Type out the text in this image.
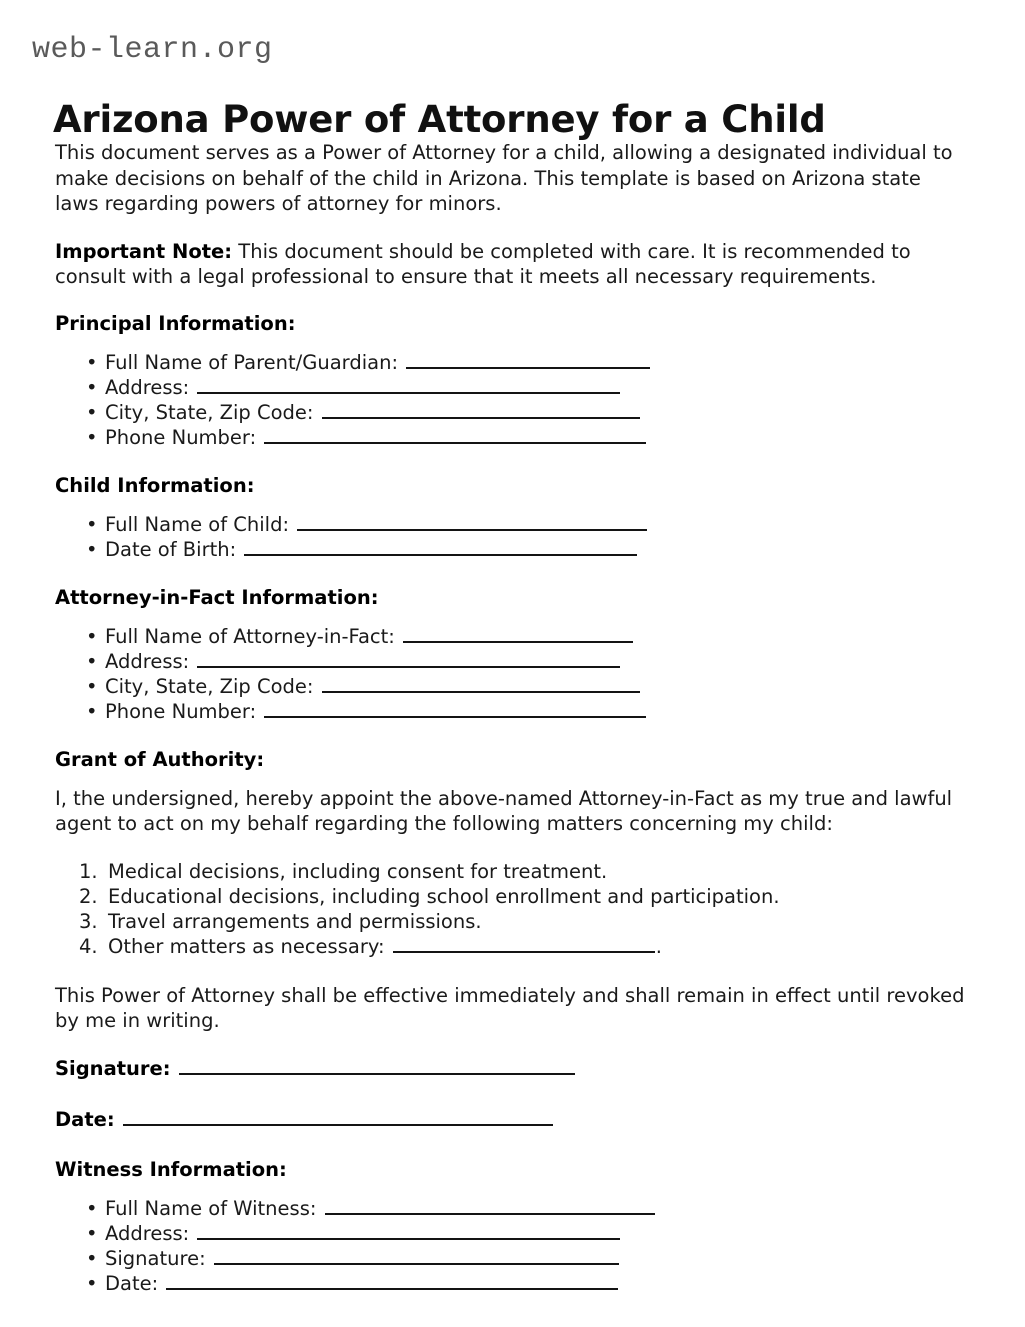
web-learn.org
Arizona Power of Attorney for a Child

This document serves as a Power of Attorney for a child, allowing a designated individual to make decisions on behalf of the child in Arizona. This template is based on Arizona state laws regarding powers of attorney for minors.

Important Note: This document should be completed with care. It is recommended to consult with a legal professional to ensure that it meets all necessary requirements.

Principal Information:
• Full Name of Parent/Guardian:
• Address:
• City, State, Zip Code:
• Phone Number:
Child Information:
• Full Name of Child:
• Date of Birth:
Attorney-in-Fact Information:
• Full Name of Attorney-in-Fact:
• Address:
• City, State, Zip Code:
• Phone Number:
Grant of Authority:

I, the undersigned, hereby appoint the above-named Attorney-in-Fact as my true and lawful agent to act on my behalf regarding the following matters concerning my child:

1. Medical decisions, including consent for treatment.
2. Educational decisions, including school enrollment and participation.
3. Travel arrangements and permissions.
4. Other matters as necessary:	.

This Power of Attorney shall be effective immediately and shall remain in effect until revoked by me in writing.

Signature:
Date:
Witness Information:
• Full Name of Witness:
• Address:
• Signature:
• Date:
